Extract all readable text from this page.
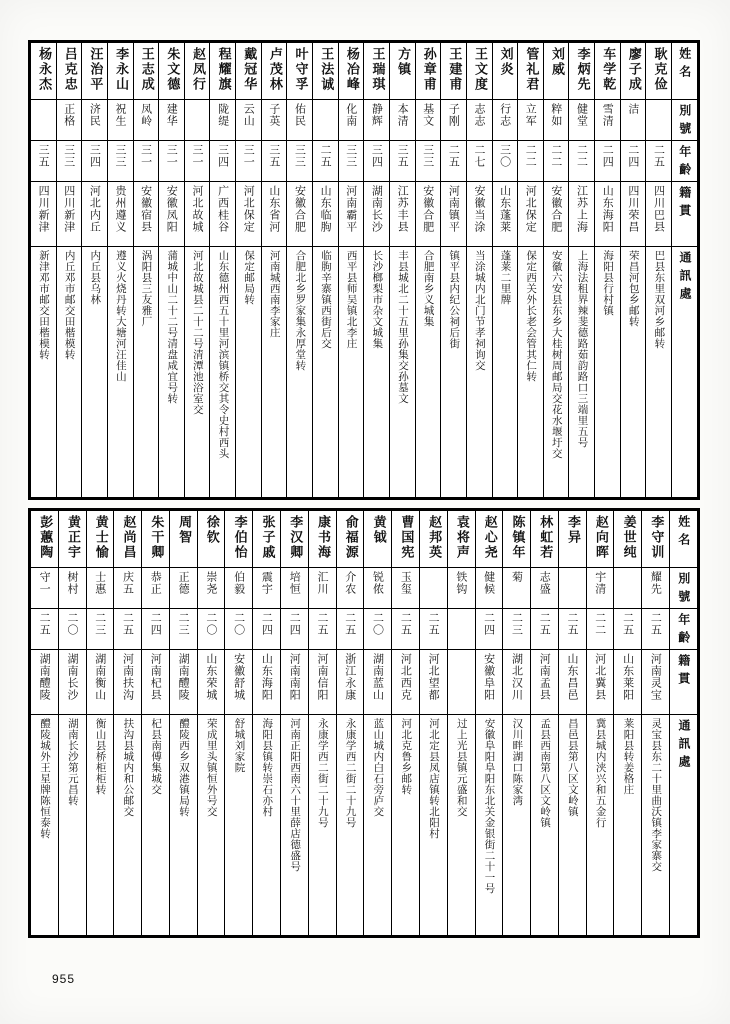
杨永杰	吕克忠	汪治平	李永山	王志成	朱文德	赵凤行	程耀旗	戴冠华	卢茂林	叶守孚	王法诚	杨冶峰	王瑞琪	方镇	孙章甫	王建甫	王文度	刘炎	管礼君	刘威	李炳先	车学乾	廖子成	耿克俭	姓名

	正格	济民	祝生	凤岭	建华		陇缇	云山	子英	佑民		化南	静辉	本清	基文	子刚	志志	行志	立军	粹如	健堂	雪清	洁		別號

三五	三三	三四	三三	三一	三一	三一	三四	三一	三五	三三	二五	三三	三四	三五	三三	二五	二七	三〇	二二	二二	二二	二四	二四	二五	年齡

四川新津	四川新津	河北内丘	贵州遵义	安徽宿县	安徽凤阳	河北故城	广西桂谷	河北保定	山东省河	安徽合肥	山东临朐	河南霸平	湖南长沙	江苏丰县	安徽合肥	河南镇平	安徽当涂	山东蓬莱	河北保定	安徽合肥	江苏上海	山东海阳	四川荣昌	四川巴县	籍貫

新津邓市邮交田楷模转	内丘邓市邮交田楷模转	内丘县乌林	遵义火烧丹转大塘河汪佳山	涡阳县三友雅厂	蒲城中山二十二号清盘咸宜号转	河北故城县二十二号清潭池浴室交	山东德州西五十里河滨镇桥交其令史村西头	保定邮局转	河南城西南李家庄	合肥北乡罗家集永厚堂转	临朐辛寨镇西街后交	西平县师吴镇北李庄	长沙榔梨市杂文城集	丰县城北二十五里孙集交孙墓文	合肥南乡义城集	镇平县内纪公祠后街	当涂城内北门节孝祠询交	蓬莱二里牌	保定西关外长老会管其仁转	安徽六安县东乡大桂树周邮局交花水堰圩交	上海法租界辣斐德路茹韵路口三端里五号	海阳县行村镇	荣昌河包乡邮转	巴县东里双河乡邮转	通訊處
彭蕙陶	黄正宇	黄士愉	赵尚昌	朱干卿	周智	徐钦	李伯怡	张子戚	李汉卿	康书海	俞福源	黄钺	曹国宪	赵邦英	袁将声	赵心尧	陈镇年	林虹若	李异	赵向晖	姜世纯	李守训	姓名

守一	树村	士惠	庆五	恭正	正德	崇尧	伯毅	震宇	培恒	汇川	介农	锐侬	玉玺		铁钩	健候	菊	志盛		宇清		耀先	別號

二五	二〇	二三	二五	二四	二三	二〇	二〇	二四	二四	二五	二五	二〇	二五	二五		二四	二三	二五	二五	二二	二五	二五	年齡

湖南醴陵	湖南长沙	湖南衡山	河南扶沟	河南杞县	湖南醴陵	山东荣城	安徽舒城	山东海阳	河南南阳	河南信阳	浙江永康	湖南蓝山	河北西克	河北望都		安徽阜阳	湖北汉川	河南孟县	山东昌邑	河北冀县	山东莱阳	河南灵宝	籍貫

醴陵城外王星牌陈恒泰转	湖南长沙第元昌转	衡山县桥柜柜转	扶沟县城内和公邮交	杞县南傅集城交	醴陵西乡双港镇局转	荣成里头镇恒外号交	舒城刘家院	海阳县镇转崇石亦村	河南正阳西南六十里薛店德盛号	永康学西二街二十九号	永康学西二街二十九号	蓝山城内白石旁庐交	河北克鲁乡邮转	河北定县凤店镇转北阳村	过上光县镇元盛和交	安徽阜阳阜阳东北关金银街二十一号	汉川畔湖口陈家湾	孟县西南第八区文岭镇	昌邑县第八区文岭镇	冀县城内浃兴和五金行	莱阳县转姜格庄	灵宝县东二十里曲沃镇李家寨交	通訊處
955
